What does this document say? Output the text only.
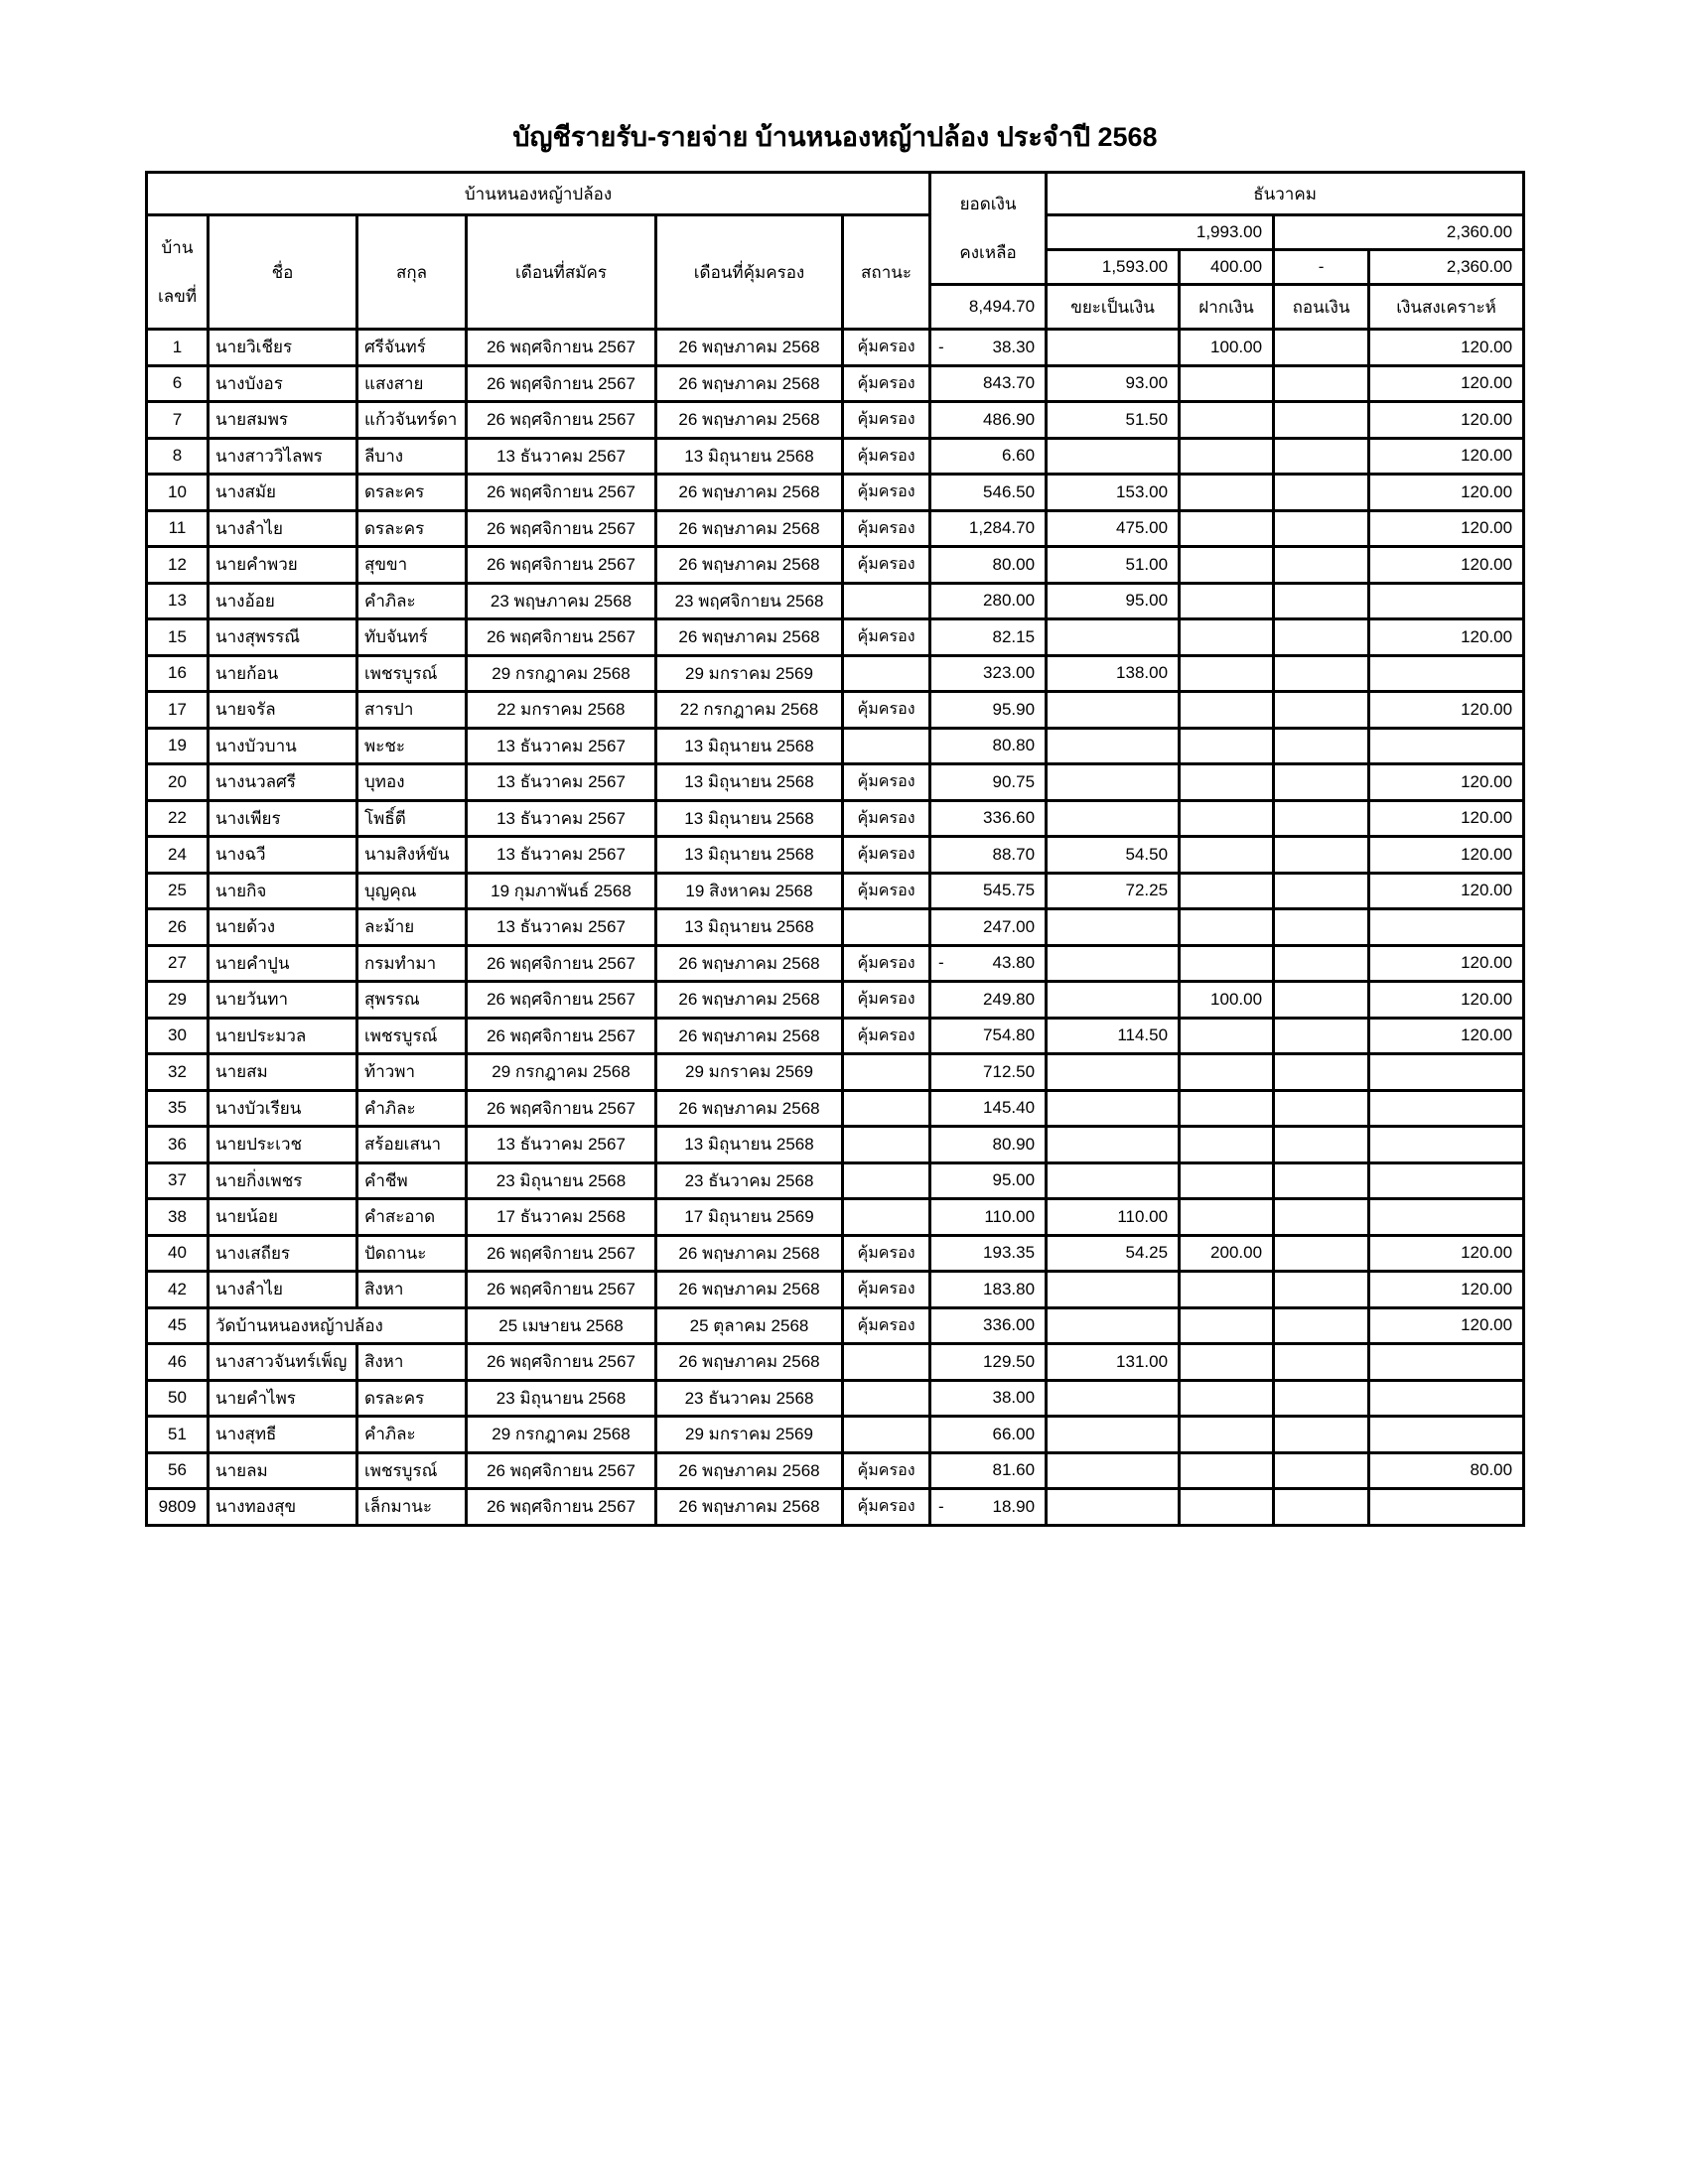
บัญชีรายรับ-รายจ่าย บ้านหนองหญ้าปล้อง ประจำปี 2568
บ้านหนองหญ้าปล้อง						ยอดเงิน
คงเหลือ	ธันวาคม			

บ้าน
เลขที่	ชื่อ	สกุล	เดือนที่สมัคร	เดือนที่คุ้มครอง	สถานะ		1,993.00		2,360.00	
							1,593.00	400.00	-	2,360.00
						8,494.70	ขยะเป็นเงิน	ฝากเงิน	ถอนเงิน	เงินสงเคราะห์
1	นายวิเชียร	ศรีจันทร์	26 พฤศจิกายน 2567	26 พฤษภาคม 2568	คุ้มครอง	- 38.30		100.00		120.00
6	นางบังอร	แสงสาย	26 พฤศจิกายน 2567	26 พฤษภาคม 2568	คุ้มครอง	843.70	93.00			120.00
7	นายสมพร	แก้วจันทร์ดา	26 พฤศจิกายน 2567	26 พฤษภาคม 2568	คุ้มครอง	486.90	51.50			120.00
8	นางสาววิไลพร	ลีบาง	13 ธันวาคม 2567	13 มิถุนายน 2568	คุ้มครอง	6.60				120.00
10	นางสมัย	ดรละคร	26 พฤศจิกายน 2567	26 พฤษภาคม 2568	คุ้มครอง	546.50	153.00			120.00
11	นางลำไย	ดรละคร	26 พฤศจิกายน 2567	26 พฤษภาคม 2568	คุ้มครอง	1,284.70	475.00			120.00
12	นายคำพวย	สุขขา	26 พฤศจิกายน 2567	26 พฤษภาคม 2568	คุ้มครอง	80.00	51.00			120.00
13	นางอ้อย	คำภิละ	23 พฤษภาคม 2568	23 พฤศจิกายน 2568		280.00	95.00			
15	นางสุพรรณี	ทับจันทร์	26 พฤศจิกายน 2567	26 พฤษภาคม 2568	คุ้มครอง	82.15				120.00
16	นายก้อน	เพชรบูรณ์	29 กรกฎาคม 2568	29 มกราคม 2569		323.00	138.00			
17	นายจรัล	สารปา	22 มกราคม 2568	22 กรกฎาคม 2568	คุ้มครอง	95.90				120.00
19	นางบัวบาน	พะชะ	13 ธันวาคม 2567	13 มิถุนายน 2568		80.80				
20	นางนวลศรี	บุทอง	13 ธันวาคม 2567	13 มิถุนายน 2568	คุ้มครอง	90.75				120.00
22	นางเพียร	โพธิ์ตี	13 ธันวาคม 2567	13 มิถุนายน 2568	คุ้มครอง	336.60				120.00
24	นางฉวี	นามสิงห์ขัน	13 ธันวาคม 2567	13 มิถุนายน 2568	คุ้มครอง	88.70	54.50			120.00
25	นายกิจ	บุญคุณ	19 กุมภาพันธ์ 2568	19 สิงหาคม 2568	คุ้มครอง	545.75	72.25			120.00
26	นายด้วง	ละม้าย	13 ธันวาคม 2567	13 มิถุนายน 2568		247.00				
27	นายคำปูน	กรมทำมา	26 พฤศจิกายน 2567	26 พฤษภาคม 2568	คุ้มครอง	- 43.80				120.00
29	นายวันทา	สุพรรณ	26 พฤศจิกายน 2567	26 พฤษภาคม 2568	คุ้มครอง	249.80		100.00		120.00
30	นายประมวล	เพชรบูรณ์	26 พฤศจิกายน 2567	26 พฤษภาคม 2568	คุ้มครอง	754.80	114.50			120.00
32	นายสม	ท้าวพา	29 กรกฎาคม 2568	29 มกราคม 2569		712.50				
35	นางบัวเรียน	คำภิละ	26 พฤศจิกายน 2567	26 พฤษภาคม 2568		145.40				
36	นายประเวช	สร้อยเสนา	13 ธันวาคม 2567	13 มิถุนายน 2568		80.90				
37	นายกิ่งเพชร	คำชีพ	23 มิถุนายน 2568	23 ธันวาคม 2568		95.00				
38	นายน้อย	คำสะอาด	17 ธันวาคม 2568	17 มิถุนายน 2569		110.00	110.00			
40	นางเสถียร	ปัดถานะ	26 พฤศจิกายน 2567	26 พฤษภาคม 2568	คุ้มครอง	193.35	54.25	200.00		120.00
42	นางลำไย	สิงหา	26 พฤศจิกายน 2567	26 พฤษภาคม 2568	คุ้มครอง	183.80				120.00
45	วัดบ้านหนองหญ้าปล้อง		25 เมษายน 2568	25 ตุลาคม 2568	คุ้มครอง	336.00				120.00
46	นางสาวจันทร์เพ็ญ	สิงหา	26 พฤศจิกายน 2567	26 พฤษภาคม 2568		129.50	131.00			
50	นายคำไพร	ดรละคร	23 มิถุนายน 2568	23 ธันวาคม 2568		38.00				
51	นางสุทธี	คำภิละ	29 กรกฎาคม 2568	29 มกราคม 2569		66.00				
56	นายลม	เพชรบูรณ์	26 พฤศจิกายน 2567	26 พฤษภาคม 2568	คุ้มครอง	81.60				80.00
9809	นางทองสุข	เล็กมานะ	26 พฤศจิกายน 2567	26 พฤษภาคม 2568	คุ้มครอง	- 18.90				
